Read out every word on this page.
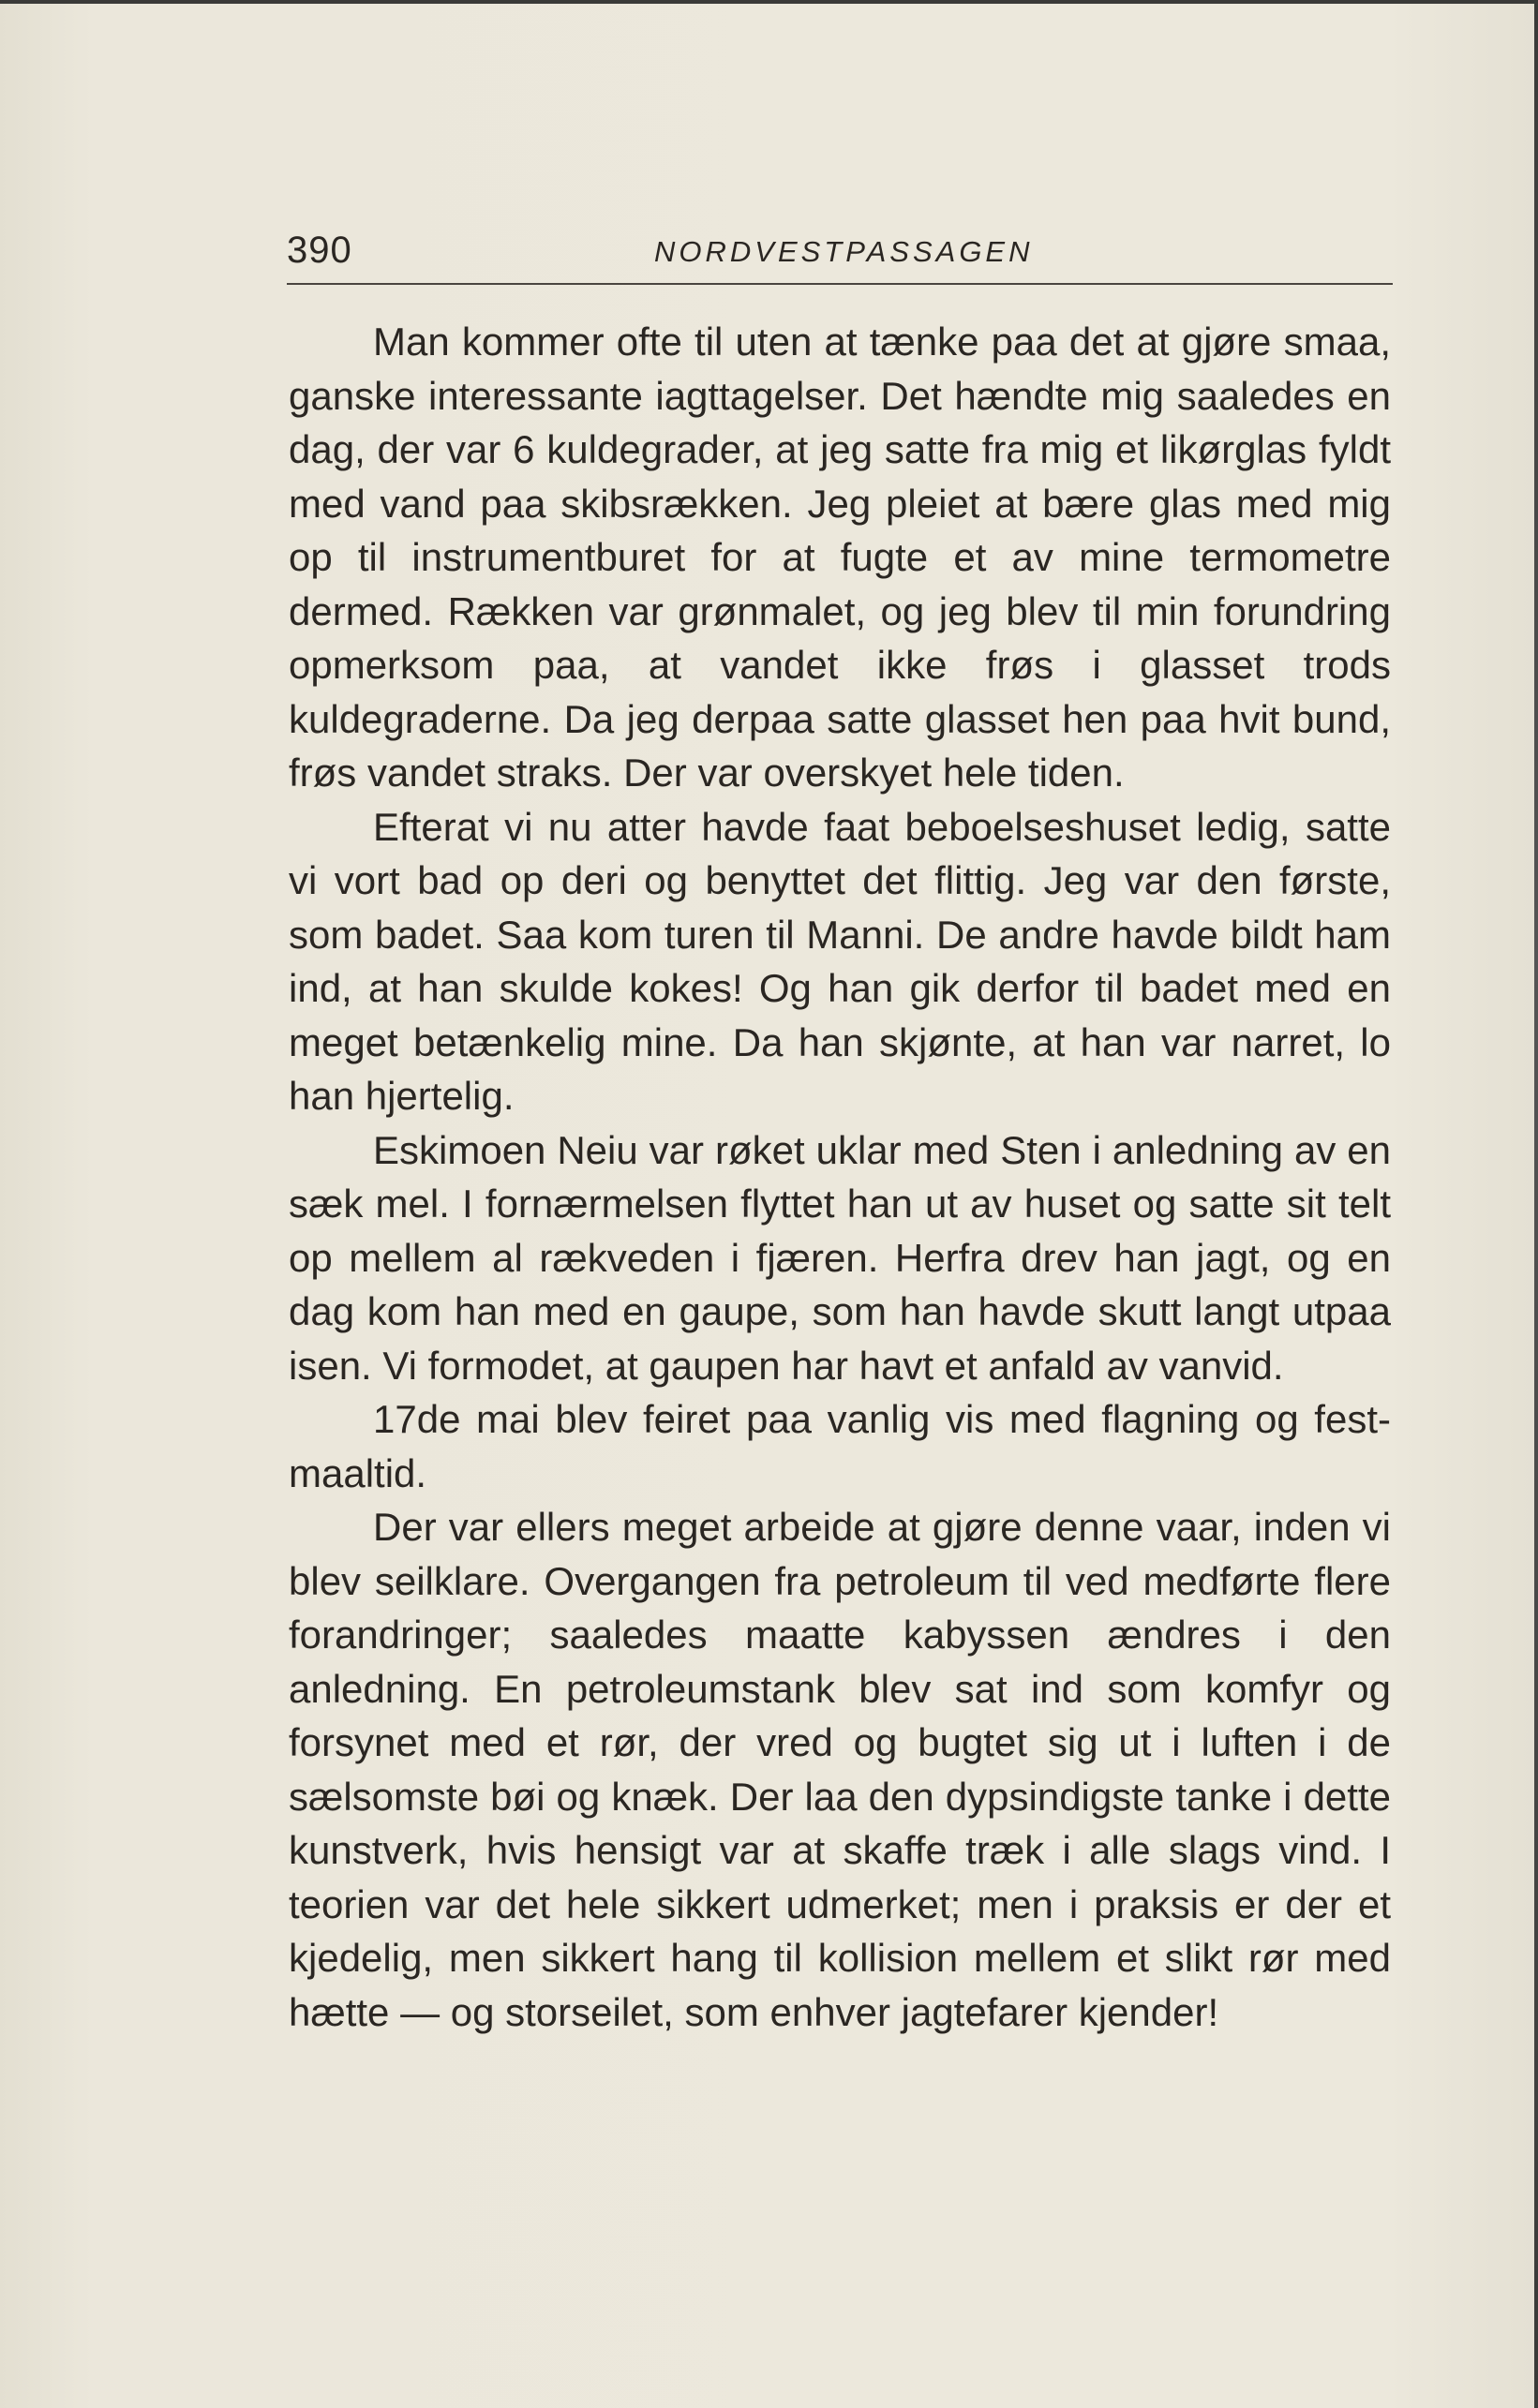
390	NORDVESTPASSAGEN

Man kommer ofte til uten at tænke paa det at gjøre smaa, ganske interessante iagttagelser. Det hændte mig saaledes en dag, der var 6 kuldegrader, at jeg satte fra mig et likørglas fyldt med vand paa skibsrækken. Jeg pleiet at bære glas med mig op til instrumentburet for at fugte et av mine termometre dermed. Rækken var grønmalet, og jeg blev til min forundring opmerksom paa, at vandet ikke frøs i glasset trods kuldegraderne. Da jeg derpaa satte glasset hen paa hvit bund, frøs vandet straks. Der var overskyet hele tiden.

Efterat vi nu atter havde faat beboelseshuset ledig, satte vi vort bad op deri og benyttet det flittig. Jeg var den første, som badet. Saa kom turen til Manni. De andre havde bildt ham ind, at han skulde kokes! Og han gik derfor til badet med en meget betænkelig mine. Da han skjønte, at han var narret, lo han hjertelig.

Eskimoen Neiu var røket uklar med Sten i anledning av en sæk mel. I fornærmelsen flyttet han ut av huset og satte sit telt op mellem al rækveden i fjæren. Herfra drev han jagt, og en dag kom han med en gaupe, som han havde skutt langt utpaa isen. Vi formodet, at gaupen har havt et anfald av vanvid.

17de mai blev feiret paa vanlig vis med flagning og festmaaltid.

Der var ellers meget arbeide at gjøre denne vaar, inden vi blev seilklare. Overgangen fra petroleum til ved medførte flere forandringer; saaledes maatte kabyssen ændres i den anledning. En petroleumstank blev sat ind som komfyr og forsynet med et rør, der vred og bugtet sig ut i luften i de sælsomste bøi og knæk. Der laa den dypsindigste tanke i dette kunstverk, hvis hensigt var at skaffe træk i alle slags vind. I teorien var det hele sikkert udmerket; men i praksis er der et kjedelig, men sikkert hang til kollision mellem et slikt rør med hætte — og storseilet, som enhver jagtefarer kjender!
